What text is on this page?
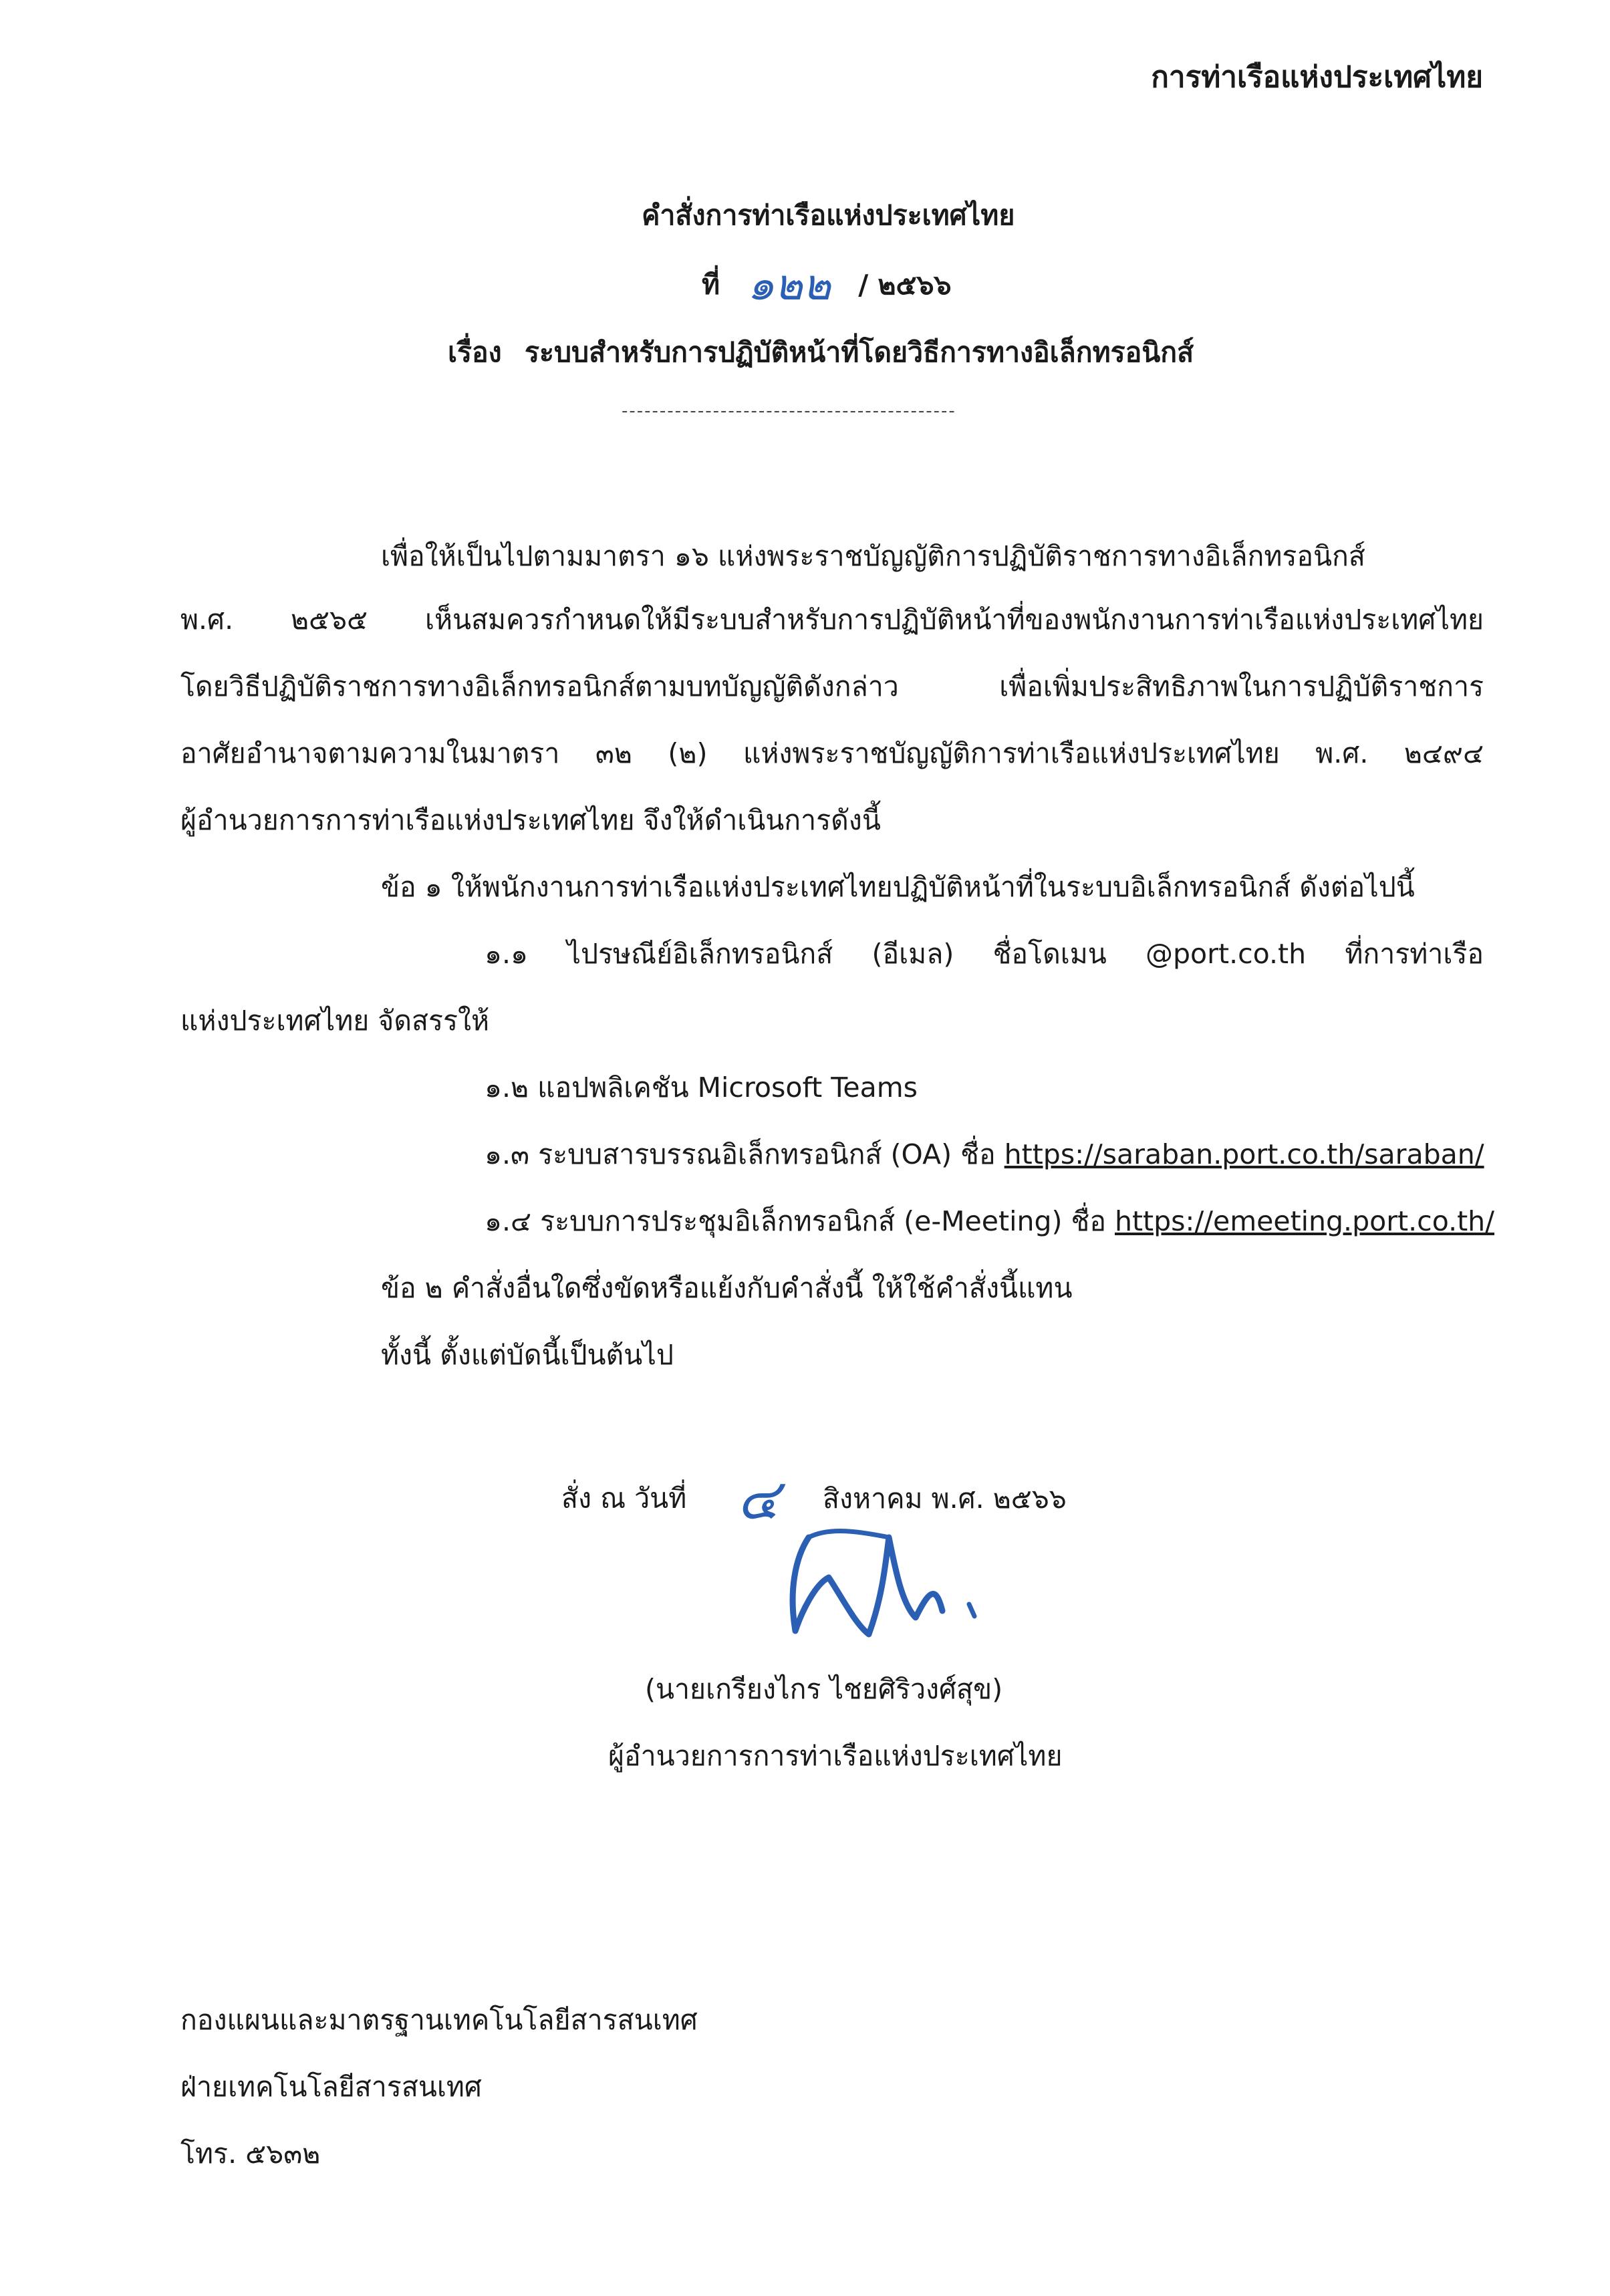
การท่าเรือแห่งประเทศไทย
คำสั่งการท่าเรือแห่งประเทศไทย
ที่ ๑๒๒ / ๒๕๖๖
เรื่อง ระบบสำหรับการปฏิบัติหน้าที่โดยวิธีการทางอิเล็กทรอนิกส์
--------------------------------------------
เพื่อให้เป็นไปตามมาตรา ๑๖ แห่งพระราชบัญญัติการปฏิบัติราชการทางอิเล็กทรอนิกส์
พ.ศ. ๒๕๖๕ เห็นสมควรกำหนดให้มีระบบสำหรับการปฏิบัติหน้าที่ของพนักงานการท่าเรือแห่งประเทศไทย
โดยวิธีปฏิบัติราชการทางอิเล็กทรอนิกส์ตามบทบัญญัติดังกล่าว เพื่อเพิ่มประสิทธิภาพในการปฏิบัติราชการ
อาศัยอำนาจตามความในมาตรา ๓๒ (๒) แห่งพระราชบัญญัติการท่าเรือแห่งประเทศไทย พ.ศ. ๒๔๙๔
ผู้อำนวยการการท่าเรือแห่งประเทศไทย จึงให้ดำเนินการดังนี้
ข้อ ๑ ให้พนักงานการท่าเรือแห่งประเทศไทยปฏิบัติหน้าที่ในระบบอิเล็กทรอนิกส์ ดังต่อไปนี้
๑.๑ ไปรษณีย์อิเล็กทรอนิกส์ (อีเมล) ชื่อโดเมน @port.co.th ที่การท่าเรือ
แห่งประเทศไทย จัดสรรให้
๑.๒ แอปพลิเคชัน Microsoft Teams
๑.๓ ระบบสารบรรณอิเล็กทรอนิกส์ (OA) ชื่อ https://saraban.port.co.th/saraban/
๑.๔ ระบบการประชุมอิเล็กทรอนิกส์ (e-Meeting) ชื่อ https://emeeting.port.co.th/
ข้อ ๒ คำสั่งอื่นใดซึ่งขัดหรือแย้งกับคำสั่งนี้ ให้ใช้คำสั่งนี้แทน
ทั้งนี้ ตั้งแต่บัดนี้เป็นต้นไป
สั่ง ณ วันที่ ๔ สิงหาคม พ.ศ. ๒๕๖๖
(นายเกรียงไกร ไชยศิริวงศ์สุข)
ผู้อำนวยการการท่าเรือแห่งประเทศไทย
กองแผนและมาตรฐานเทคโนโลยีสารสนเทศ
ฝ่ายเทคโนโลยีสารสนเทศ
โทร. ๕๖๓๒
